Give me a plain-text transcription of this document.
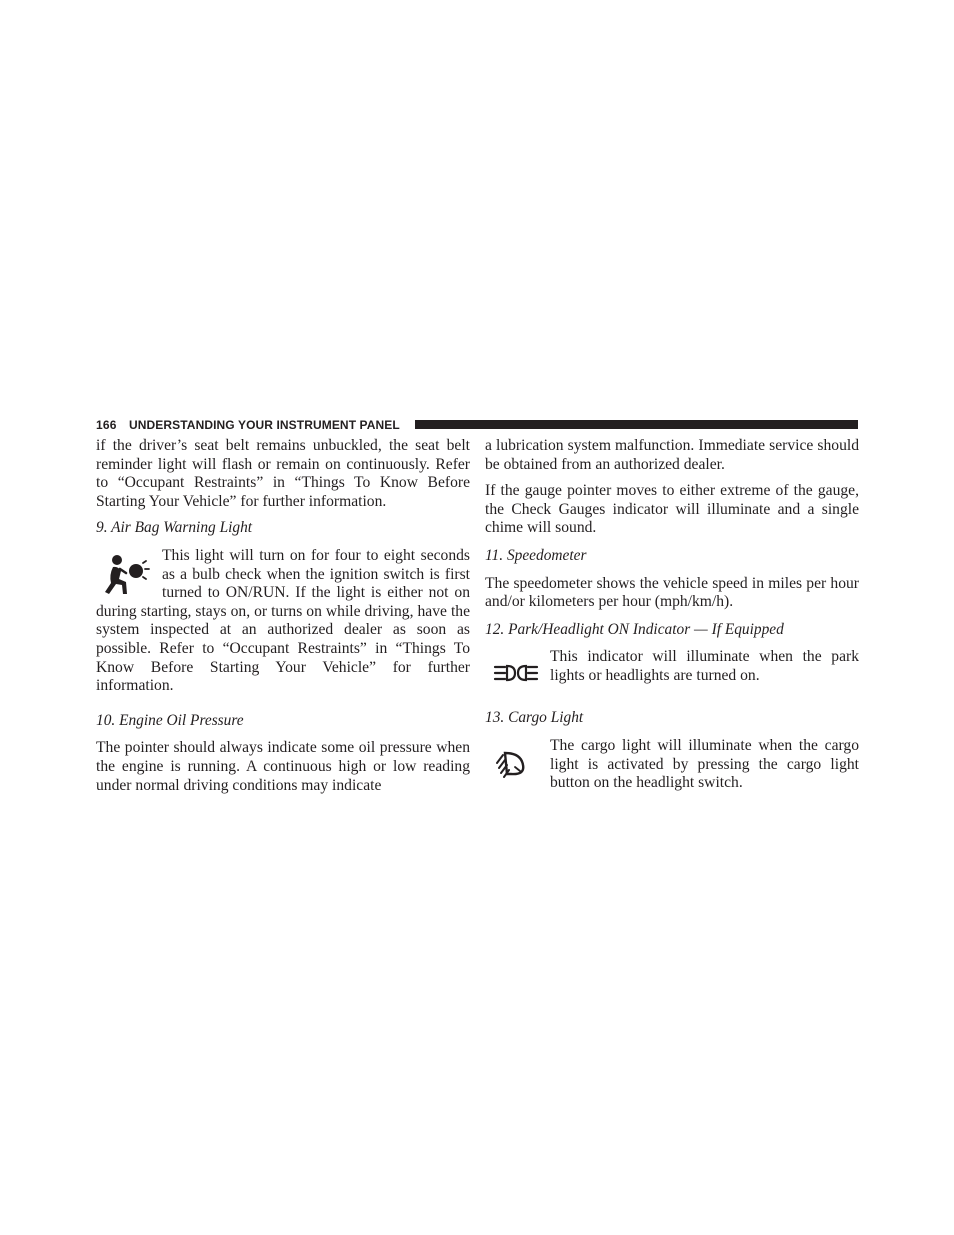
166 UNDERSTANDING YOUR INSTRUMENT PANEL

if the driver’s seat belt remains unbuckled, the seat belt reminder light will flash or remain on continuously. Refer to “Occupant Restraints” in “Things To Know Before Starting Your Vehicle” for further information.

9. Air Bag Warning Light

This light will turn on for four to eight seconds as a bulb check when the ignition switch is first turned to ON/RUN. If the light is either not on during starting, stays on, or turns on while driving, have the system inspected at an authorized dealer as soon as possible. Refer to “Occupant Restraints” in “Things To Know Before Starting Your Vehicle” for further information.

10. Engine Oil Pressure

The pointer should always indicate some oil pressure when the engine is running. A continuous high or low reading under normal driving conditions may indicate

a lubrication system malfunction. Immediate service should be obtained from an authorized dealer.

If the gauge pointer moves to either extreme of the gauge, the Check Gauges indicator will illuminate and a single chime will sound.

11. Speedometer

The speedometer shows the vehicle speed in miles per hour and/or kilometers per hour (mph/km/h).

12. Park/Headlight ON Indicator — If Equipped

This indicator will illuminate when the park lights or headlights are turned on.

13. Cargo Light

The cargo light will illuminate when the cargo light is activated by pressing the cargo light button on the headlight switch.
